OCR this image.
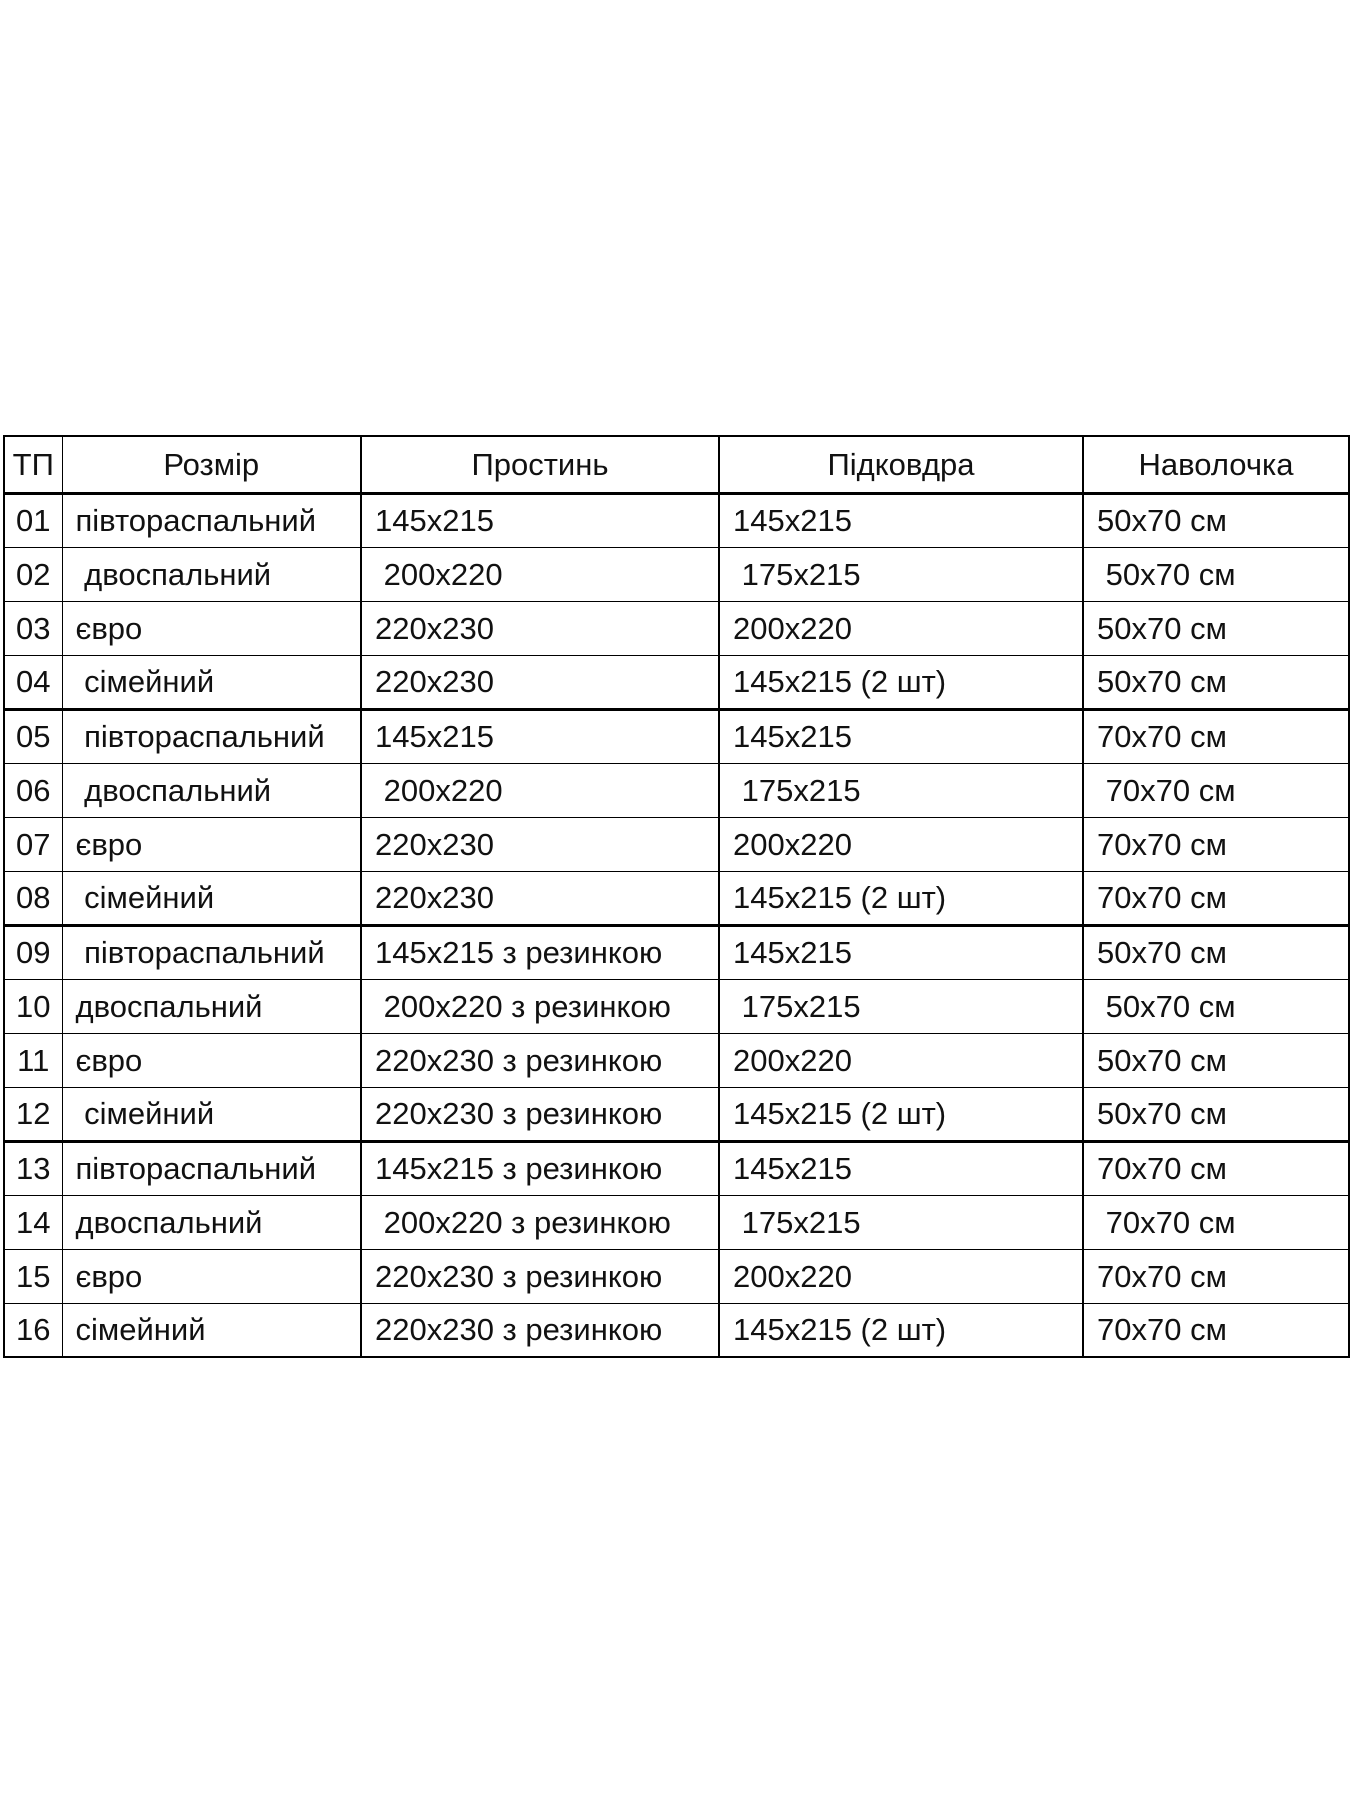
ТП	Розмір	Простинь	Підковдра	Наволочка
01	півтораспальний	145x215	145x215	50x70 см
02	двоспальний	200x220	175x215	50x70 см
03	євро	220x230	200x220	50x70 см
04	сімейний	220x230	145x215 (2 шт)	50x70 см
05	півтораспальний	145x215	145x215	70x70 см
06	двоспальний	200x220	175x215	70x70 см
07	євро	220x230	200x220	70x70 см
08	сімейний	220x230	145x215 (2 шт)	70x70 см
09	півтораспальний	145x215 з резинкою	145x215	50x70 см
10	двоспальний	200x220 з резинкою	175x215	50x70 см
11	євро	220x230 з резинкою	200x220	50x70 см
12	сімейний	220x230 з резинкою	145x215 (2 шт)	50x70 см
13	півтораспальний	145x215 з резинкою	145x215	70x70 см
14	двоспальний	200x220 з резинкою	175x215	70x70 см
15	євро	220x230 з резинкою	200x220	70x70 см
16	сімейний	220x230 з резинкою	145x215 (2 шт)	70x70 см
